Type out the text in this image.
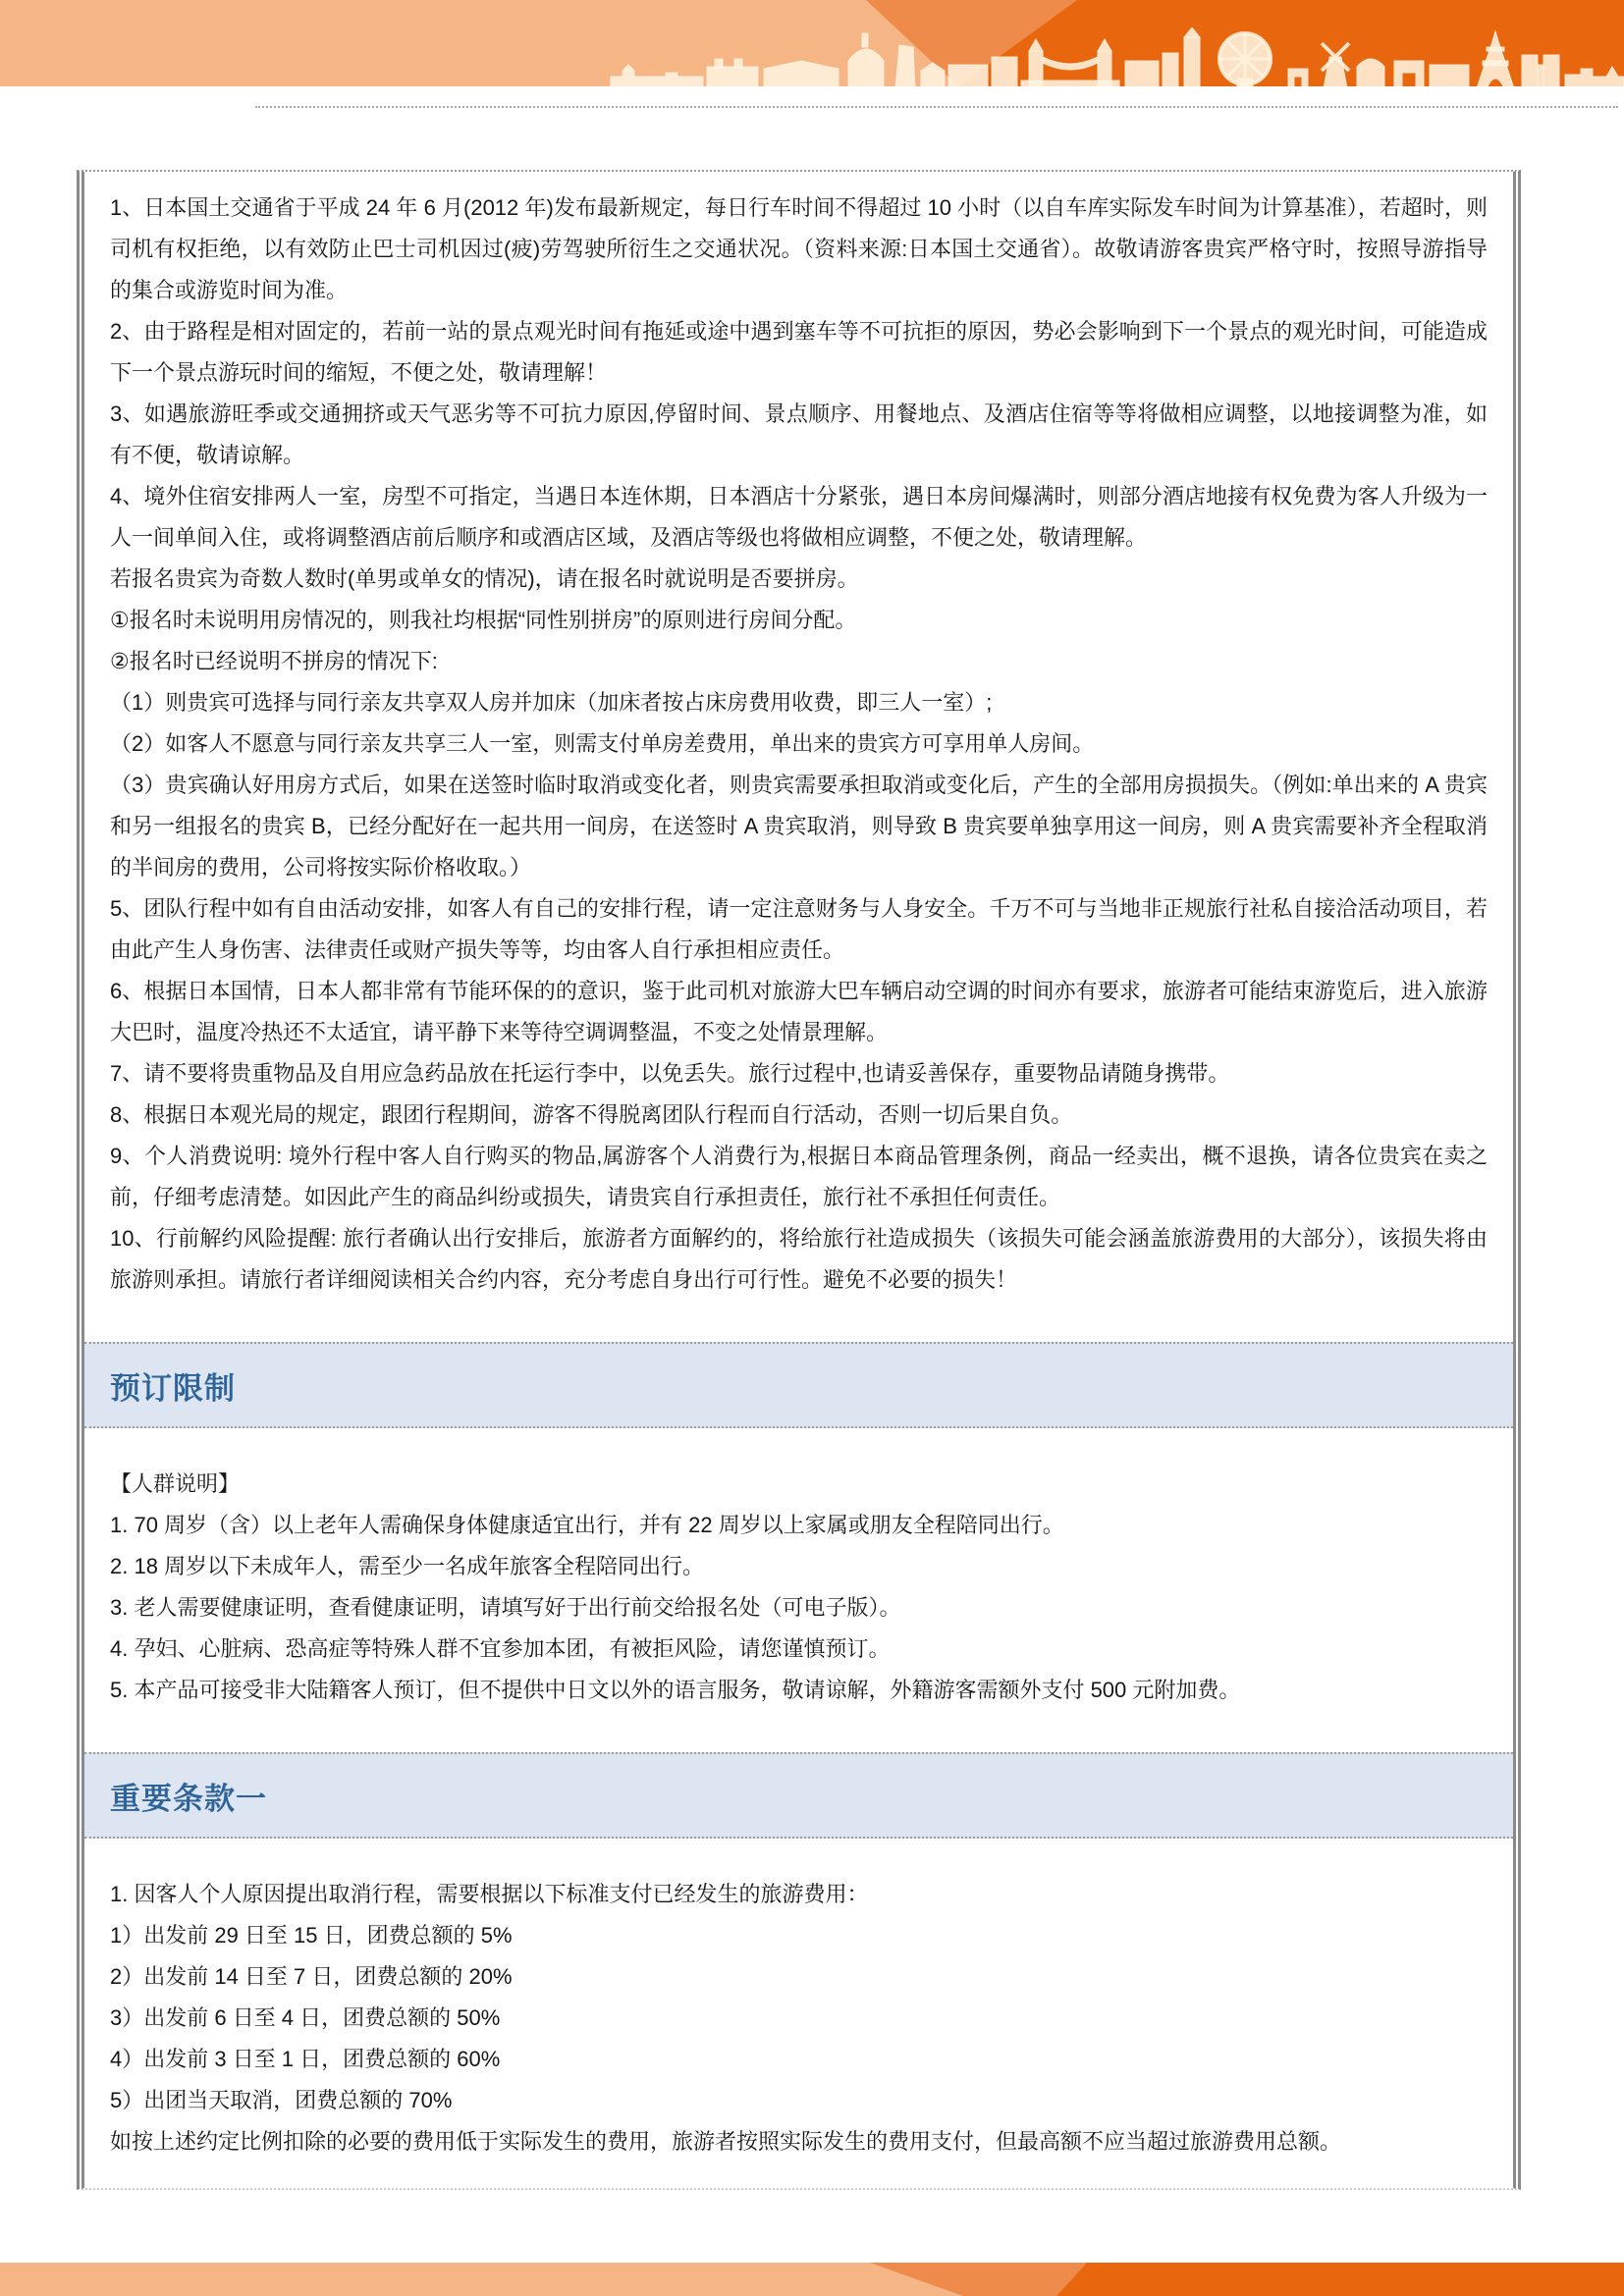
1、日本国土交通省于平成 24 年 6 月(2012 年)发布最新规定，每日行车时间不得超过 10 小时（以自车库实际发车时间为计算基准），若超时，则司机有权拒绝，以有效防止巴士司机因过(疲)劳驾驶所衍生之交通状况。（资料来源:日本国土交通省）。故敬请游客贵宾严格守时，按照导游指导的集合或游览时间为准。

2、由于路程是相对固定的，若前一站的景点观光时间有拖延或途中遇到塞车等不可抗拒的原因，势必会影响到下一个景点的观光时间，可能造成下一个景点游玩时间的缩短，不便之处，敬请理解！

3、如遇旅游旺季或交通拥挤或天气恶劣等不可抗力原因,停留时间、景点顺序、用餐地点、及酒店住宿等等将做相应调整，以地接调整为准，如有不便，敬请谅解。

4、境外住宿安排两人一室，房型不可指定，当遇日本连休期，日本酒店十分紧张，遇日本房间爆满时，则部分酒店地接有权免费为客人升级为一人一间单间入住，或将调整酒店前后顺序和或酒店区域，及酒店等级也将做相应调整，不便之处，敬请理解。

若报名贵宾为奇数人数时(单男或单女的情况)，请在报名时就说明是否要拼房。

①报名时未说明用房情况的，则我社均根据“同性别拼房”的原则进行房间分配。

②报名时已经说明不拼房的情况下:

（1）则贵宾可选择与同行亲友共享双人房并加床（加床者按占床房费用收费，即三人一室）;

（2）如客人不愿意与同行亲友共享三人一室，则需支付单房差费用，单出来的贵宾方可享用单人房间。

（3）贵宾确认好用房方式后，如果在送签时临时取消或变化者，则贵宾需要承担取消或变化后，产生的全部用房损损失。（例如:单出来的 A 贵宾和另一组报名的贵宾 B，已经分配好在一起共用一间房，在送签时 A 贵宾取消，则导致 B 贵宾要单独享用这一间房，则 A 贵宾需要补齐全程取消的半间房的费用，公司将按实际价格收取。）

5、团队行程中如有自由活动安排，如客人有自己的安排行程，请一定注意财务与人身安全。千万不可与当地非正规旅行社私自接洽活动项目，若由此产生人身伤害、法律责任或财产损失等等，均由客人自行承担相应责任。

6、根据日本国情，日本人都非常有节能环保的的意识，鉴于此司机对旅游大巴车辆启动空调的时间亦有要求，旅游者可能结束游览后，进入旅游大巴时，温度冷热还不太适宜，请平静下来等待空调调整温，不变之处情景理解。

7、请不要将贵重物品及自用应急药品放在托运行李中，以免丢失。旅行过程中,也请妥善保存，重要物品请随身携带。

8、根据日本观光局的规定，跟团行程期间，游客不得脱离团队行程而自行活动，否则一切后果自负。

9、个人消费说明: 境外行程中客人自行购买的物品,属游客个人消费行为,根据日本商品管理条例，商品一经卖出，概不退换，请各位贵宾在卖之前，仔细考虑清楚。如因此产生的商品纠纷或损失，请贵宾自行承担责任，旅行社不承担任何责任。

10、行前解约风险提醒: 旅行者确认出行安排后，旅游者方面解约的，将给旅行社造成损失（该损失可能会涵盖旅游费用的大部分），该损失将由旅游则承担。请旅行者详细阅读相关合约内容，充分考虑自身出行可行性。避免不必要的损失！

预订限制

【人群说明】

1. 70 周岁（含）以上老年人需确保身体健康适宜出行，并有 22 周岁以上家属或朋友全程陪同出行。

2. 18 周岁以下未成年人，需至少一名成年旅客全程陪同出行。

3. 老人需要健康证明，查看健康证明，请填写好于出行前交给报名处（可电子版）。

4. 孕妇、心脏病、恐高症等特殊人群不宜参加本团，有被拒风险，请您谨慎预订。

5. 本产品可接受非大陆籍客人预订，但不提供中日文以外的语言服务，敬请谅解，外籍游客需额外支付 500 元附加费。

重要条款一

1. 因客人个人原因提出取消行程，需要根据以下标准支付已经发生的旅游费用：

1）出发前 29 日至 15 日，团费总额的 5%

2）出发前 14 日至 7 日，团费总额的 20%

3）出发前 6 日至 4 日，团费总额的 50%

4）出发前 3 日至 1 日，团费总额的 60%

5）出团当天取消，团费总额的 70%

如按上述约定比例扣除的必要的费用低于实际发生的费用，旅游者按照实际发生的费用支付，但最高额不应当超过旅游费用总额。
